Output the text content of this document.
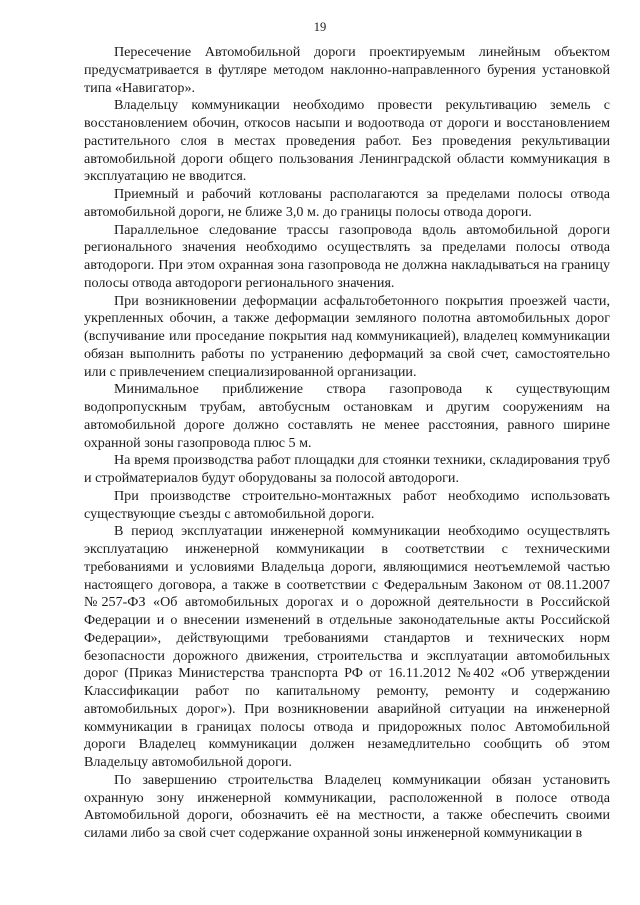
19

Пересечение Автомобильной дороги проектируемым линейным объектом предусматривается в футляре методом наклонно-направленного бурения установкой типа «Навигатор».

Владельцу коммуникации необходимо провести рекультивацию земель с восстановлением обочин, откосов насыпи и водоотвода от дороги и восстановлением растительного слоя в местах проведения работ. Без проведения рекультивации автомобильной дороги общего пользования Ленинградской области коммуникация в эксплуатацию не вводится.

Приемный и рабочий котлованы располагаются за пределами полосы отвода автомобильной дороги, не ближе 3,0 м. до границы полосы отвода дороги.

Параллельное следование трассы газопровода вдоль автомобильной дороги регионального значения необходимо осуществлять за пределами полосы отвода автодороги. При этом охранная зона газопровода не должна накладываться на границу полосы отвода автодороги регионального значения.

При возникновении деформации асфальтобетонного покрытия проезжей части, укрепленных обочин, а также деформации земляного полотна автомобильных дорог (вспучивание или проседание покрытия над коммуникацией), владелец коммуникации обязан выполнить работы по устранению деформаций за свой счет, самостоятельно или с привлечением специализированной организации.

Минимальное приближение створа газопровода к существующим водопропускным трубам, автобусным остановкам и другим сооружениям на автомобильной дороге должно составлять не менее расстояния, равного ширине охранной зоны газопровода плюс 5 м.

На время производства работ площадки для стоянки техники, складирования труб и стройматериалов будут оборудованы за полосой автодороги.

При производстве строительно-монтажных работ необходимо использовать существующие съезды с автомобильной дороги.

В период эксплуатации инженерной коммуникации необходимо осуществлять эксплуатацию инженерной коммуникации в соответствии с техническими требованиями и условиями Владельца дороги, являющимися неотъемлемой частью настоящего договора, а также в соответствии с Федеральным Законом от 08.11.2007 №257-ФЗ «Об автомобильных дорогах и о дорожной деятельности в Российской Федерации и о внесении изменений в отдельные законодательные акты Российской Федерации», действующими требованиями стандартов и технических норм безопасности дорожного движения, строительства и эксплуатации автомобильных дорог (Приказ Министерства транспорта РФ от 16.11.2012 №402 «Об утверждении Классификации работ по капитальному ремонту, ремонту и содержанию автомобильных дорог»). При возникновении аварийной ситуации на инженерной коммуникации в границах полосы отвода и придорожных полос Автомобильной дороги Владелец коммуникации должен незамедлительно сообщить об этом Владельцу автомобильной дороги.

По завершению строительства Владелец коммуникации обязан установить охранную зону инженерной коммуникации, расположенной в полосе отвода Автомобильной дороги, обозначить её на местности, а также обеспечить своими силами либо за свой счет содержание охранной зоны инженерной коммуникации в
